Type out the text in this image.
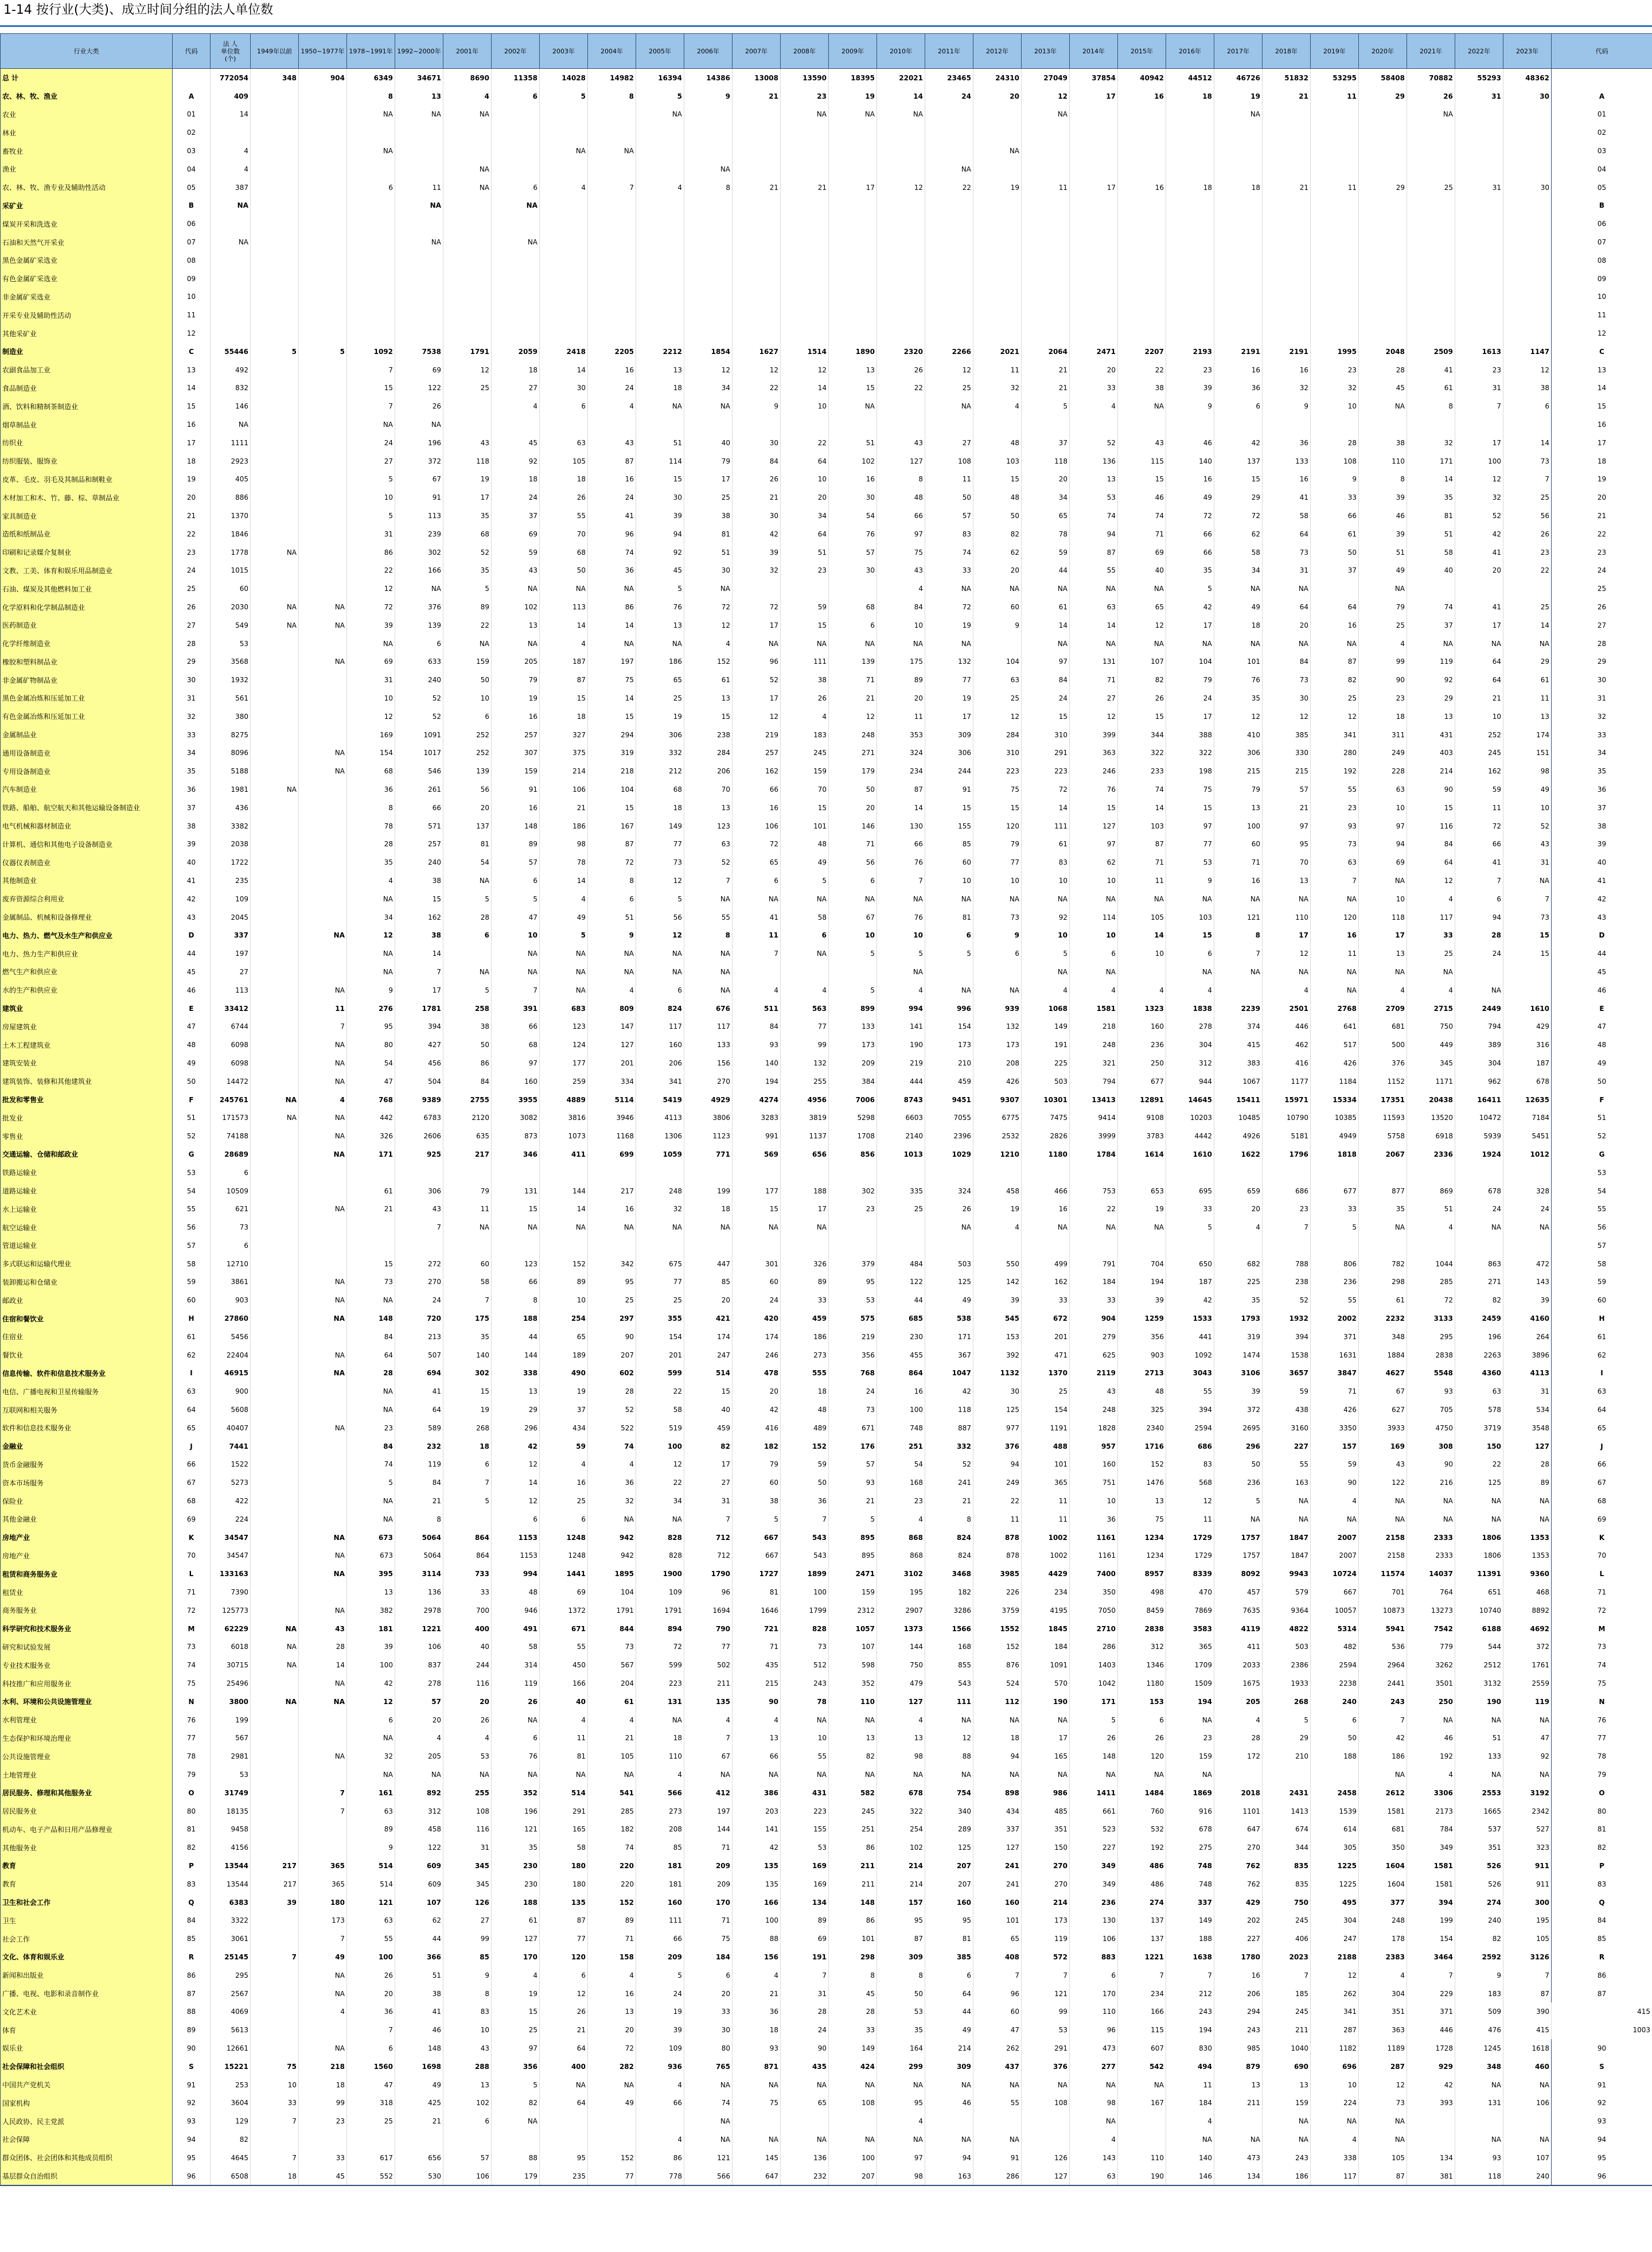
1-14 按行业(大类)、成立时间分组的法人单位数
行业大类	代码	法 人
单位数
(个)	1949年以前	1950~1977年	1978~1991年	1992~2000年	2001年	2002年	2003年	2004年	2005年	2006年	2007年	2008年	2009年	2010年	2011年	2012年	2013年	2014年	2015年	2016年	2017年	2018年	2019年	2020年	2021年	2022年	2023年	代码	
总 计		772054	348	904	6349	34671	8690	11358	14028	14982	16394	14386	13008	13590	18395	22021	23465	24310	27049	37854	40942	44512	46726	51832	53295	58408	70882	55293	48362		
农、林、牧、渔业	A	409			8	13	4	6	5	8	5	9	21	23	19	14	24	20	12	17	16	18	19	21	11	29	26	31	30	A	
农业	01	14			NA	NA	NA				NA			NA	NA	NA			NA				NA				NA			01	
林业	02																													02	
畜牧业	03	4			NA				NA	NA								NA												03	
渔业	04	4					NA					NA					NA													04	
农、林、牧、渔专业及辅助性活动	05	387			6	11	NA	6	4	7	4	8	21	21	17	12	22	19	11	17	16	18	18	21	11	29	25	31	30	05	
采矿业	B	NA				NA		NA																						B	
煤炭开采和洗选业	06																													06	
石油和天然气开采业	07	NA				NA		NA																						07	
黑色金属矿采选业	08																													08	
有色金属矿采选业	09																													09	
非金属矿采选业	10																													10	
开采专业及辅助性活动	11																													11	
其他采矿业	12																													12	
制造业	C	55446	5	5	1092	7538	1791	2059	2418	2205	2212	1854	1627	1514	1890	2320	2266	2021	2064	2471	2207	2193	2191	2191	1995	2048	2509	1613	1147	C	
农副食品加工业	13	492			7	69	12	18	14	16	13	12	12	12	13	26	12	11	21	20	22	23	16	16	23	28	41	23	12	13	
食品制造业	14	832			15	122	25	27	30	24	18	34	22	14	15	22	25	32	21	33	38	39	36	32	32	45	61	31	38	14	
酒、饮料和精制茶制造业	15	146			7	26		4	6	4	NA	NA	9	10	NA		NA	4	5	4	NA	9	6	9	10	NA	8	7	6	15	
烟草制品业	16	NA			NA	NA																								16	
纺织业	17	1111			24	196	43	45	63	43	51	40	30	22	51	43	27	48	37	52	43	46	42	36	28	38	32	17	14	17	
纺织服装、服饰业	18	2923			27	372	118	92	105	87	114	79	84	64	102	127	108	103	118	136	115	140	137	133	108	110	171	100	73	18	
皮革、毛皮、羽毛及其制品和制鞋业	19	405			5	67	19	18	18	16	15	17	26	10	16	8	11	15	20	13	15	16	15	16	9	8	14	12	7	19	
木材加工和木、竹、藤、棕、草制品业	20	886			10	91	17	24	26	24	30	25	21	20	30	48	50	48	34	53	46	49	29	41	33	39	35	32	25	20	
家具制造业	21	1370			5	113	35	37	55	41	39	38	30	34	54	66	57	50	65	74	74	72	72	58	66	46	81	52	56	21	
造纸和纸制品业	22	1846			31	239	68	69	70	96	94	81	42	64	76	97	83	82	78	94	71	66	62	64	61	39	51	42	26	22	
印刷和记录媒介复制业	23	1778	NA		86	302	52	59	68	74	92	51	39	51	57	75	74	62	59	87	69	66	58	73	50	51	58	41	23	23	
文教、工美、体育和娱乐用品制造业	24	1015			22	166	35	43	50	36	45	30	32	23	30	43	33	20	44	55	40	35	34	31	37	49	40	20	22	24	
石油、煤炭及其他燃料加工业	25	60			12	NA	5	NA	NA	NA	5	NA				4	NA	NA	NA	NA	NA	5	NA	NA		NA				25	
化学原料和化学制品制造业	26	2030	NA	NA	72	376	89	102	113	86	76	72	72	59	68	84	72	60	61	63	65	42	49	64	64	79	74	41	25	26	
医药制造业	27	549	NA	NA	39	139	22	13	14	14	13	12	17	15	6	10	19	9	14	14	12	17	18	20	16	25	37	17	14	27	
化学纤维制造业	28	53			NA	6	NA	NA	4	NA	NA	4	NA	NA	NA	NA	NA		NA	NA	NA	NA	NA	NA	NA	4	NA	NA	NA	28	
橡胶和塑料制品业	29	3568		NA	69	633	159	205	187	197	186	152	96	111	139	175	132	104	97	131	107	104	101	84	87	99	119	64	29	29	
非金属矿物制品业	30	1932			31	240	50	79	87	75	65	61	52	38	71	89	77	63	84	71	82	79	76	73	82	90	92	64	61	30	
黑色金属冶炼和压延加工业	31	561			10	52	10	19	15	14	25	13	17	26	21	20	19	25	24	27	26	24	35	30	25	23	29	21	11	31	
有色金属冶炼和压延加工业	32	380			12	52	6	16	18	15	19	15	12	4	12	11	17	12	15	12	15	17	12	12	12	18	13	10	13	32	
金属制品业	33	8275			169	1091	252	257	327	294	306	238	219	183	248	353	309	284	310	399	344	388	410	385	341	311	431	252	174	33	
通用设备制造业	34	8096		NA	154	1017	252	307	375	319	332	284	257	245	271	324	306	310	291	363	322	322	306	330	280	249	403	245	151	34	
专用设备制造业	35	5188		NA	68	546	139	159	214	218	212	206	162	159	179	234	244	223	223	246	233	198	215	215	192	228	214	162	98	35	
汽车制造业	36	1981	NA		36	261	56	91	106	104	68	70	66	70	50	87	91	75	72	76	74	75	79	57	55	63	90	59	49	36	
铁路、船舶、航空航天和其他运输设备制造业	37	436			8	66	20	16	21	15	18	13	16	15	20	14	15	15	14	15	14	15	13	21	23	10	15	11	10	37	
电气机械和器材制造业	38	3382			78	571	137	148	186	167	149	123	106	101	146	130	155	120	111	127	103	97	100	97	93	97	116	72	52	38	
计算机、通信和其他电子设备制造业	39	2038			28	257	81	89	98	87	77	63	72	48	71	66	85	79	61	97	87	77	60	95	73	94	84	66	43	39	
仪器仪表制造业	40	1722			35	240	54	57	78	72	73	52	65	49	56	76	60	77	83	62	71	53	71	70	63	69	64	41	31	40	
其他制造业	41	235			4	38	NA	6	14	8	12	7	6	5	6	7	10	10	10	10	11	9	16	13	7	NA	12	7	NA	41	
废弃资源综合利用业	42	109			NA	15	5	5	4	6	5	NA	NA	NA	NA	NA	NA	NA	NA	NA	NA	NA	NA	NA	NA	10	4	6	7	42	
金属制品、机械和设备修理业	43	2045			34	162	28	47	49	51	56	55	41	58	67	76	81	73	92	114	105	103	121	110	120	118	117	94	73	43	
电力、热力、燃气及水生产和供应业	D	337		NA	12	38	6	10	5	9	12	8	11	6	10	10	6	9	10	10	14	15	8	17	16	17	33	28	15	D	
电力、热力生产和供应业	44	197			NA	14		NA	NA	NA	NA	NA	7	NA	5	5	5	6	5	6	10	6	7	12	11	13	25	24	15	44	
燃气生产和供应业	45	27			NA	7	NA	NA	NA	NA	NA	NA				NA			NA	NA		NA	NA	NA	NA	NA	NA			45	
水的生产和供应业	46	113		NA	9	17	5	7	NA	4	6	NA	4	4	5	4	NA	NA	4	4	4	4		4	NA	4	4	NA		46	
建筑业	E	33412		11	276	1781	258	391	683	809	824	676	511	563	899	994	996	939	1068	1581	1323	1838	2239	2501	2768	2709	2715	2449	1610	E	
房屋建筑业	47	6744		7	95	394	38	66	123	147	117	117	84	77	133	141	154	132	149	218	160	278	374	446	641	681	750	794	429	47	
土木工程建筑业	48	6098		NA	80	427	50	68	124	127	160	133	93	99	173	190	173	173	191	248	236	304	415	462	517	500	449	389	316	48	
建筑安装业	49	6098		NA	54	456	86	97	177	201	206	156	140	132	209	219	210	208	225	321	250	312	383	416	426	376	345	304	187	49	
建筑装饰、装修和其他建筑业	50	14472		NA	47	504	84	160	259	334	341	270	194	255	384	444	459	426	503	794	677	944	1067	1177	1184	1152	1171	962	678	50	
批发和零售业	F	245761	NA	4	768	9389	2755	3955	4889	5114	5419	4929	4274	4956	7006	8743	9451	9307	10301	13413	12891	14645	15411	15971	15334	17351	20438	16411	12635	F	
批发业	51	171573	NA	NA	442	6783	2120	3082	3816	3946	4113	3806	3283	3819	5298	6603	7055	6775	7475	9414	9108	10203	10485	10790	10385	11593	13520	10472	7184	51	
零售业	52	74188		NA	326	2606	635	873	1073	1168	1306	1123	991	1137	1708	2140	2396	2532	2826	3999	3783	4442	4926	5181	4949	5758	6918	5939	5451	52	
交通运输、仓储和邮政业	G	28689		NA	171	925	217	346	411	699	1059	771	569	656	856	1013	1029	1210	1180	1784	1614	1610	1622	1796	1818	2067	2336	1924	1012	G	
铁路运输业	53	6																												53	
道路运输业	54	10509			61	306	79	131	144	217	248	199	177	188	302	335	324	458	466	753	653	695	659	686	677	877	869	678	328	54	
水上运输业	55	621		NA	21	43	11	15	14	16	32	18	15	17	23	25	26	19	16	22	19	33	20	23	33	35	51	24	24	55	
航空运输业	56	73				7	NA	NA	NA	NA	NA	NA	NA	NA			NA	4	NA	NA	NA	5	4	7	5	NA	4	NA	NA	56	
管道运输业	57	6																												57	
多式联运和运输代理业	58	12710			15	272	60	123	152	342	675	447	301	326	379	484	503	550	499	791	704	650	682	788	806	782	1044	863	472	58	
装卸搬运和仓储业	59	3861		NA	73	270	58	66	89	95	77	85	60	89	95	122	125	142	162	184	194	187	225	238	236	298	285	271	143	59	
邮政业	60	903		NA	NA	24	7	8	10	25	25	20	24	33	53	44	49	39	33	33	39	42	35	52	55	61	72	82	39	60	
住宿和餐饮业	H	27860		NA	148	720	175	188	254	297	355	421	420	459	575	685	538	545	672	904	1259	1533	1793	1932	2002	2232	3133	2459	4160	H	
住宿业	61	5456			84	213	35	44	65	90	154	174	174	186	219	230	171	153	201	279	356	441	319	394	371	348	295	196	264	61	
餐饮业	62	22404		NA	64	507	140	144	189	207	201	247	246	273	356	455	367	392	471	625	903	1092	1474	1538	1631	1884	2838	2263	3896	62	
信息传输、软件和信息技术服务业	I	46915		NA	28	694	302	338	490	602	599	514	478	555	768	864	1047	1132	1370	2119	2713	3043	3106	3657	3847	4627	5548	4360	4113	I	
电信、广播电视和卫星传输服务	63	900			NA	41	15	13	19	28	22	15	20	18	24	16	42	30	25	43	48	55	39	59	71	67	93	63	31	63	
互联网和相关服务	64	5608			NA	64	19	29	37	52	58	40	42	48	73	100	118	125	154	248	325	394	372	438	426	627	705	578	534	64	
软件和信息技术服务业	65	40407		NA	23	589	268	296	434	522	519	459	416	489	671	748	887	977	1191	1828	2340	2594	2695	3160	3350	3933	4750	3719	3548	65	
金融业	J	7441			84	232	18	42	59	74	100	82	182	152	176	251	332	376	488	957	1716	686	296	227	157	169	308	150	127	J	
货币金融服务	66	1522			74	119	6	12	4	4	12	17	79	59	57	54	52	94	101	160	152	83	50	55	59	43	90	22	28	66	
资本市场服务	67	5273			5	84	7	14	16	36	22	27	60	50	93	168	241	249	365	751	1476	568	236	163	90	122	216	125	89	67	
保险业	68	422			NA	21	5	12	25	32	34	31	38	36	21	23	21	22	11	10	13	12	5	NA	4	NA	NA	NA	NA	68	
其他金融业	69	224			NA	8		6	6	NA	NA	7	5	7	5	4	8	11	11	36	75	11	NA	NA	NA	NA	NA	NA	NA	69	
房地产业	K	34547		NA	673	5064	864	1153	1248	942	828	712	667	543	895	868	824	878	1002	1161	1234	1729	1757	1847	2007	2158	2333	1806	1353	K	
房地产业	70	34547		NA	673	5064	864	1153	1248	942	828	712	667	543	895	868	824	878	1002	1161	1234	1729	1757	1847	2007	2158	2333	1806	1353	70	
租赁和商务服务业	L	133163		NA	395	3114	733	994	1441	1895	1900	1790	1727	1899	2471	3102	3468	3985	4429	7400	8957	8339	8092	9943	10724	11574	14037	11391	9360	L	
租赁业	71	7390			13	136	33	48	69	104	109	96	81	100	159	195	182	226	234	350	498	470	457	579	667	701	764	651	468	71	
商务服务业	72	125773		NA	382	2978	700	946	1372	1791	1791	1694	1646	1799	2312	2907	3286	3759	4195	7050	8459	7869	7635	9364	10057	10873	13273	10740	8892	72	
科学研究和技术服务业	M	62229	NA	43	181	1221	400	491	671	844	894	790	721	828	1057	1373	1566	1552	1845	2710	2838	3583	4119	4822	5314	5941	7542	6188	4692	M	
研究和试验发展	73	6018	NA	28	39	106	40	58	55	73	72	77	71	73	107	144	168	152	184	286	312	365	411	503	482	536	779	544	372	73	
专业技术服务业	74	30715	NA	14	100	837	244	314	450	567	599	502	435	512	598	750	855	876	1091	1403	1346	1709	2033	2386	2594	2964	3262	2512	1761	74	
科技推广和应用服务业	75	25496		NA	42	278	116	119	166	204	223	211	215	243	352	479	543	524	570	1042	1180	1509	1675	1933	2238	2441	3501	3132	2559	75	
水利、环境和公共设施管理业	N	3800	NA	NA	12	57	20	26	40	61	131	135	90	78	110	127	111	112	190	171	153	194	205	268	240	243	250	190	119	N	
水利管理业	76	199			6	20	26	NA	4	4	NA	4	4	NA	NA	4	NA	NA	NA	5	6	NA	4	5	6	7	NA	NA	NA	76	
生态保护和环境治理业	77	567			NA	4	4	6	11	21	18	7	13	10	13	13	12	18	17	26	26	23	28	29	50	42	46	51	47	77	
公共设施管理业	78	2981		NA	32	205	53	76	81	105	110	67	66	55	82	98	88	94	165	148	120	159	172	210	188	186	192	133	92	78	
土地管理业	79	53			NA	NA	NA	NA	NA	NA	4	NA	NA	NA	NA	NA	NA	NA	NA	NA	NA	NA				NA	4	NA	NA	79	
居民服务、修理和其他服务业	O	31749		7	161	892	255	352	514	541	566	412	386	431	582	678	754	898	986	1411	1484	1869	2018	2431	2458	2612	3306	2553	3192	O	
居民服务业	80	18135		7	63	312	108	196	291	285	273	197	203	223	245	322	340	434	485	661	760	916	1101	1413	1539	1581	2173	1665	2342	80	
机动车、电子产品和日用产品修理业	81	9458			89	458	116	121	165	182	208	144	141	155	251	254	289	337	351	523	532	678	647	674	614	681	784	537	527	81	
其他服务业	82	4156			9	122	31	35	58	74	85	71	42	53	86	102	125	127	150	227	192	275	270	344	305	350	349	351	323	82	
教育	P	13544	217	365	514	609	345	230	180	220	181	209	135	169	211	214	207	241	270	349	486	748	762	835	1225	1604	1581	526	911	P	
教育	83	13544	217	365	514	609	345	230	180	220	181	209	135	169	211	214	207	241	270	349	486	748	762	835	1225	1604	1581	526	911	83	
卫生和社会工作	Q	6383	39	180	121	107	126	188	135	152	160	170	166	134	148	157	160	160	214	236	274	337	429	750	495	377	394	274	300	Q	
卫生	84	3322		173	63	62	27	61	87	89	111	71	100	89	86	95	95	101	173	130	137	149	202	245	304	248	199	240	195	84	
社会工作	85	3061		7	55	44	99	127	77	71	66	75	88	69	101	87	81	65	119	106	137	188	227	406	247	178	154	82	105	85	
文化、体育和娱乐业	R	25145	7	49	100	366	85	170	120	158	209	184	156	191	298	309	385	408	572	883	1221	1638	1780	2023	2188	2383	3464	2592	3126	R	
新闻和出版业	86	295		NA	26	51	9	4	6	4	5	6	4	7	8	8	6	7	7	6	7	7	16	7	12	4	7	9	7	86	
广播、电视、电影和录音制作业	87	2567		NA	20	38	8	19	12	16	24	20	21	31	45	50	64	96	121	170	234	212	206	185	262	304	229	183	87	87	
文化艺术业	88	4069		4	36	41	83	15	26	13	19	33	36	28	28	53	44	60	99	110	166	243	294	245	341	351	371	509	390	415	
体育	89	5613			7	46	10	25	21	20	39	30	18	24	33	35	49	47	53	96	115	194	243	211	287	363	446	476	415	1003	
娱乐业	90	12661		NA	6	148	43	97	64	72	109	80	93	90	149	164	214	262	291	473	607	830	985	1040	1182	1189	1728	1245	1618	90	
社会保障和社会组织	S	15221	75	218	1560	1698	288	356	400	282	936	765	871	435	424	299	309	437	376	277	542	494	879	690	696	287	929	348	460	S	
中国共产党机关	91	253	10	18	47	49	13	5	NA	NA	4	NA	NA	NA	NA	NA	NA	NA	NA	NA	NA	11	13	13	10	12	42	NA	NA	91	
国家机构	92	3604	33	99	318	425	102	82	64	49	66	74	75	65	108	95	46	55	108	98	167	184	211	159	224	73	393	131	106	92	
人民政协、民主党派	93	129	7	23	25	21	6	NA				NA				4				NA		4		NA	NA	NA				93	
社会保障	94	82									4	NA	NA	NA	NA	NA	NA	NA		4		NA	NA	NA	4	NA		NA	NA	94	
群众团体、社会团体和其他成员组织	95	4645	7	33	617	656	57	88	95	152	86	121	145	136	100	97	94	91	126	143	110	140	473	243	338	105	134	93	107	95	
基层群众自治组织	96	6508	18	45	552	530	106	179	235	77	778	566	647	232	207	98	163	286	127	63	190	146	134	186	117	87	381	118	240	96	
